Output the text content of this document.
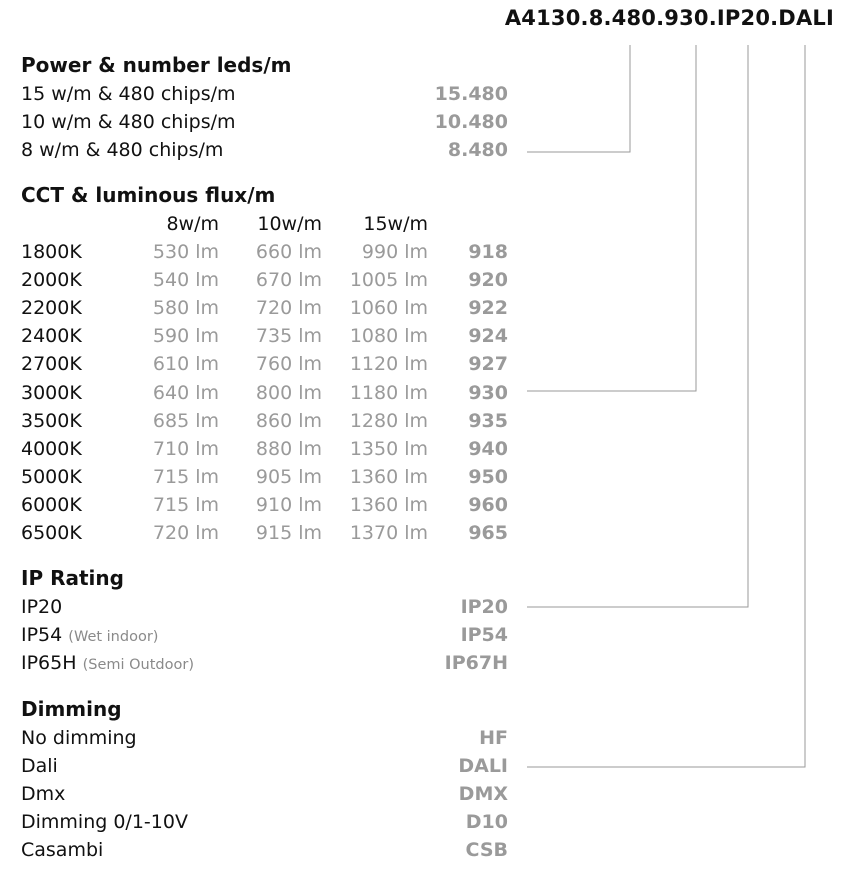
A4130.8.480.930.IP20.DALI
Power & number leds/m
15 w/m & 480 chips/m	15.480
10 w/m & 480 chips/m	10.480
8 w/m & 480 chips/m	8.480
CCT & luminous flux/m
8w/m 10w/m 15w/m
1800K	530 lm 660 lm 990 lm 918
2000K	540 lm 670 lm 1005 lm 920
2200K	580 lm 720 lm 1060 lm 922
2400K	590 lm 735 lm 1080 lm 924
2700K	610 lm 760 lm 1120 lm 927
3000K	640 lm 800 lm 1180 lm 930
3500K	685 lm 860 lm 1280 lm 935
4000K	710 lm 880 lm 1350 lm 940
5000K	715 lm 905 lm 1360 lm 950
6000K	715 lm 910 lm 1360 lm 960
6500K	720 lm 915 lm 1370 lm 965
IP Rating
IP20	IP20
IP54 (Wet indoor)	IP54
IP65H (Semi Outdoor)	IP67H
Dimming
No dimming	HF
Dali	DALI
Dmx	DMX
Dimming 0/1-10V	D10
Casambi	CSB
